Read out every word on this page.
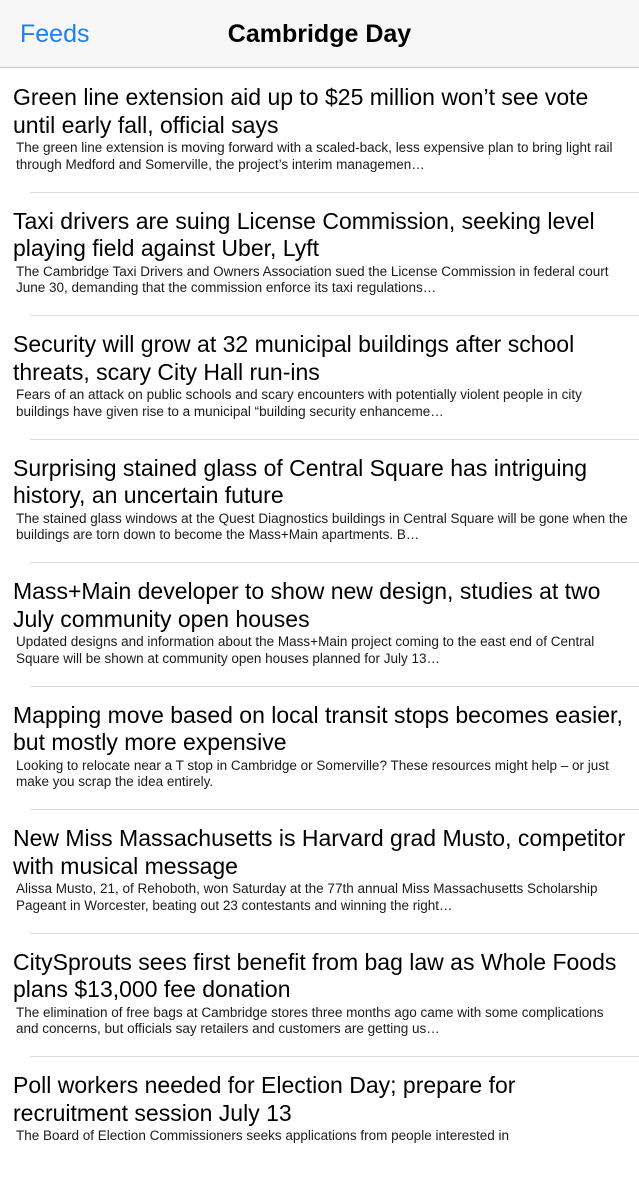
Feeds	Cambridge Day

Green line extension aid up to $25 million won’t see vote until early fall, official says

The green line extension is moving forward with a scaled-back, less expensive plan to bring light rail through Medford and Somerville, the project’s interim managemen…

Taxi drivers are suing License Commission, seeking level playing field against Uber, Lyft

The Cambridge Taxi Drivers and Owners Association sued the License Commission in federal court June 30, demanding that the commission enforce its taxi regulations…

Security will grow at 32 municipal buildings after school threats, scary City Hall run-ins

Fears of an attack on public schools and scary encounters with potentially violent people in city buildings have given rise to a municipal “building security enhanceme…

Surprising stained glass of Central Square has intriguing history, an uncertain future

The stained glass windows at the Quest Diagnostics buildings in Central Square will be gone when the buildings are torn down to become the Mass+Main apartments. B…

Mass+Main developer to show new design, studies at two July community open houses

Updated designs and information about the Mass+Main project coming to the east end of Central Square will be shown at community open houses planned for July 13…

Mapping move based on local transit stops becomes easier, but mostly more expensive

Looking to relocate near a T stop in Cambridge or Somerville? These resources might help – or just make you scrap the idea entirely.

New Miss Massachusetts is Harvard grad Musto, competitor with musical message

Alissa Musto, 21, of Rehoboth, won Saturday at the 77th annual Miss Massachusetts Scholarship Pageant in Worcester, beating out 23 contestants and winning the right…

CitySprouts sees first benefit from bag law as Whole Foods plans $13,000 fee donation

The elimination of free bags at Cambridge stores three months ago came with some complications and concerns, but officials say retailers and customers are getting us…

Poll workers needed for Election Day; prepare for recruitment session July 13

The Board of Election Commissioners seeks applications from people interested in
